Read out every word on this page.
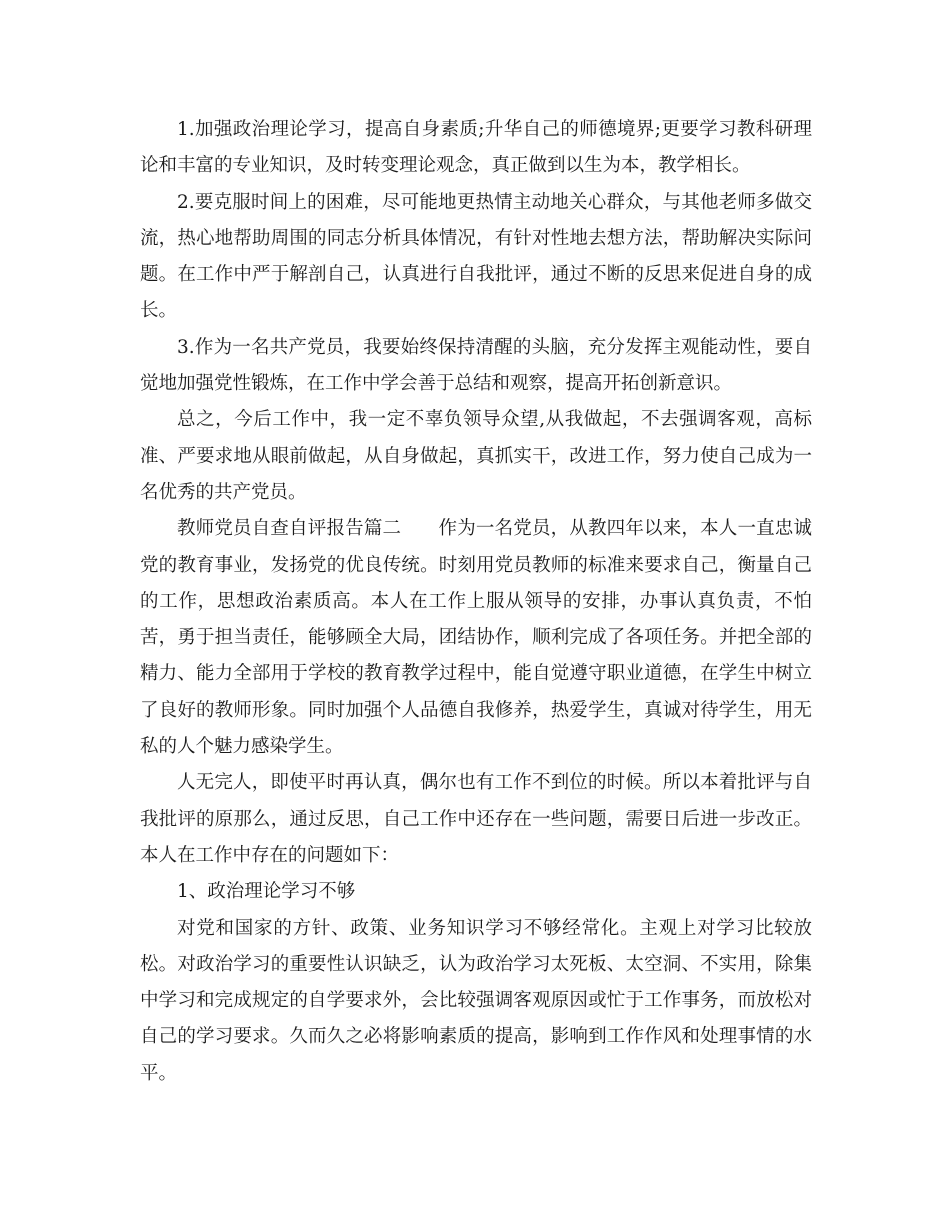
1.加强政治理论学习，提高自身素质;升华自己的师德境界;更要学习教科研理论和丰富的专业知识，及时转变理论观念，真正做到以生为本，教学相长。

2.要克服时间上的困难，尽可能地更热情主动地关心群众，与其他老师多做交流，热心地帮助周围的同志分析具体情况，有针对性地去想方法，帮助解决实际问题。在工作中严于解剖自己，认真进行自我批评，通过不断的反思来促进自身的成长。

3.作为一名共产党员，我要始终保持清醒的头脑，充分发挥主观能动性，要自觉地加强党性锻炼，在工作中学会善于总结和观察，提高开拓创新意识。

总之，今后工作中，我一定不辜负领导众望,从我做起，不去强调客观，高标准、严要求地从眼前做起，从自身做起，真抓实干，改进工作，努力使自己成为一名优秀的共产党员。

教师党员自查自评报告篇二　　作为一名党员，从教四年以来，本人一直忠诚党的教育事业，发扬党的优良传统。时刻用党员教师的标准来要求自己，衡量自己的工作，思想政治素质高。本人在工作上服从领导的安排，办事认真负责，不怕苦，勇于担当责任，能够顾全大局，团结协作，顺利完成了各项任务。并把全部的精力、能力全部用于学校的教育教学过程中，能自觉遵守职业道德，在学生中树立了良好的教师形象。同时加强个人品德自我修养，热爱学生，真诚对待学生，用无私的人个魅力感染学生。

人无完人，即使平时再认真，偶尔也有工作不到位的时候。所以本着批评与自我批评的原那么，通过反思，自己工作中还存在一些问题，需要日后进一步改正。本人在工作中存在的问题如下：

1、政治理论学习不够

对党和国家的方针、政策、业务知识学习不够经常化。主观上对学习比较放松。对政治学习的重要性认识缺乏，认为政治学习太死板、太空洞、不实用，除集中学习和完成规定的自学要求外，会比较强调客观原因或忙于工作事务，而放松对自己的学习要求。久而久之必将影响素质的提高，影响到工作作风和处理事情的水平。
